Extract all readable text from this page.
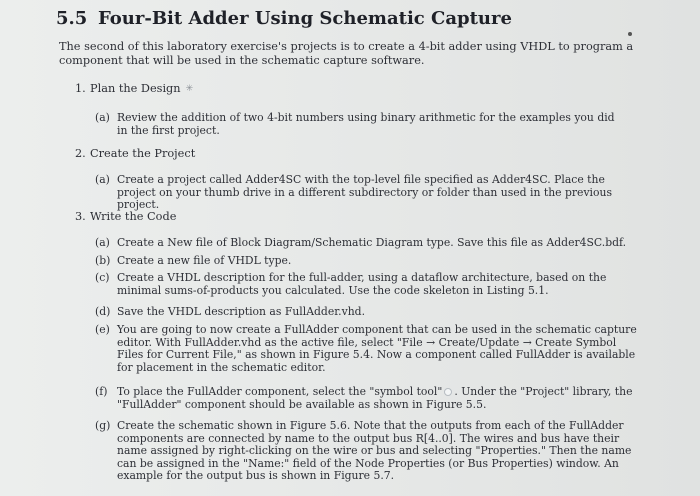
5.5 Four-Bit Adder Using Schematic Capture
The second of this laboratory exercise's projects is to create a 4-bit adder using VHDL to program a component that will be used in the schematic capture software.
1. Plan the Design ✳
(a) Review the addition of two 4-bit numbers using binary arithmetic for the examples you did in the first project.
2. Create the Project
(a) Create a project called Adder4SC with the top-level file specified as Adder4SC. Place the project on your thumb drive in a different subdirectory or folder than used in the previous project.
3. Write the Code
(a) Create a New file of Block Diagram/Schematic Diagram type. Save this file as Adder4SC.bdf.
(b) Create a new file of VHDL type.
(c) Create a VHDL description for the full-adder, using a dataflow architecture, based on the minimal sums-of-products you calculated. Use the code skeleton in Listing 5.1.
(d) Save the VHDL description as FullAdder.vhd.
(e) You are going to now create a FullAdder component that can be used in the schematic capture editor. With FullAdder.vhd as the active file, select "File → Create/Update → Create Symbol Files for Current File," as shown in Figure 5.4. Now a component called FullAdder is available for placement in the schematic editor.
(f) To place the FullAdder component, select the "symbol tool" . Under the "Project" library, the "FullAdder" component should be available as shown in Figure 5.5.
(g) Create the schematic shown in Figure 5.6. Note that the outputs from each of the FullAdder components are connected by name to the output bus R[4..0]. The wires and bus have their name assigned by right-clicking on the wire or bus and selecting "Properties." Then the name can be assigned in the "Name:" field of the Node Properties (or Bus Properties) window. An example for the output bus is shown in Figure 5.7.
